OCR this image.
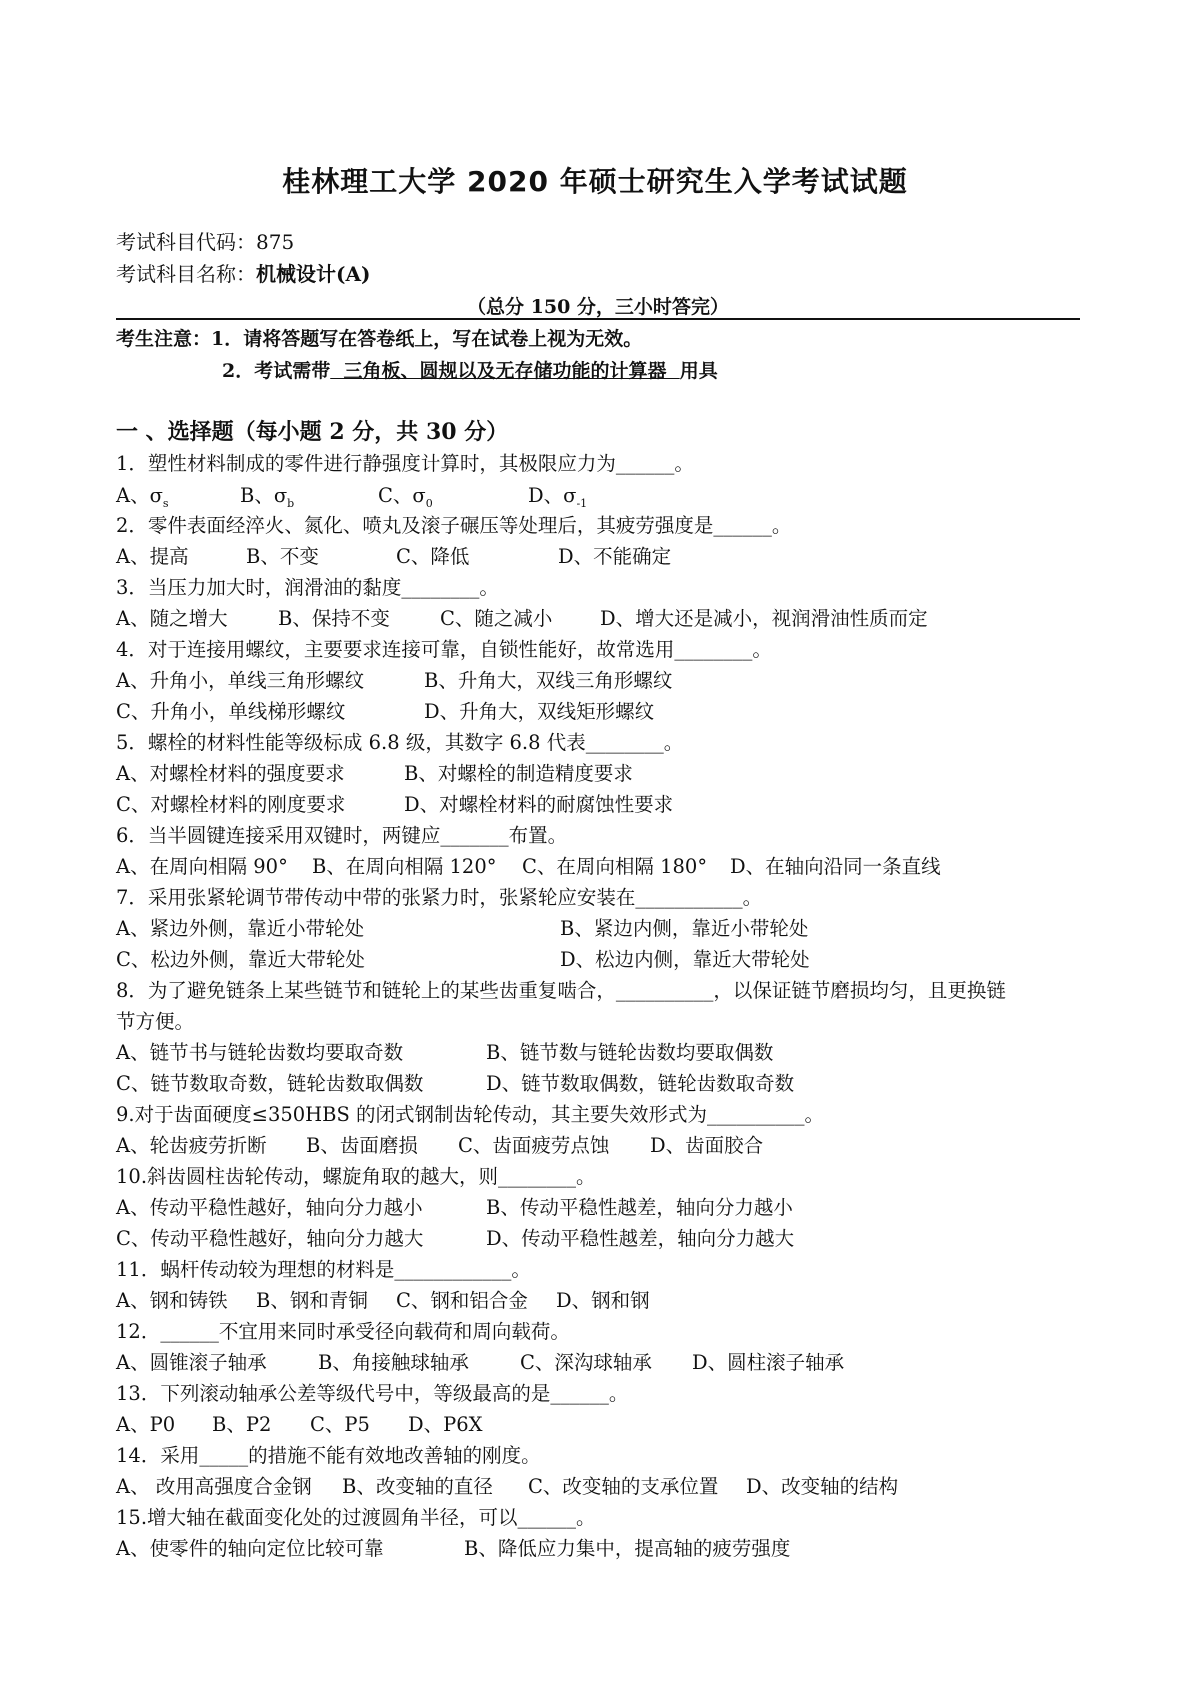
桂林理工大学 2020 年硕士研究生入学考试试题
考试科目代码：875
考试科目名称：机械设计(A)
（总分 150 分，三小时答完）
考生注意：1．请将答题写在答卷纸上，写在试卷上视为无效。
2．考试需带  三角板、圆规以及无存储功能的计算器  用具
一 、选择题（每小题 2 分，共 30 分）
1．塑性材料制成的零件进行静强度计算时，其极限应力为______。
A、$\sigma_s$	B、$\sigma_b$	C、$\sigma_0$	D、$\sigma_{-1}$
2．零件表面经淬火、氮化、喷丸及滚子碾压等处理后，其疲劳强度是______。
A、提高	B、不变	C、降低	D、不能确定
3．当压力加大时，润滑油的黏度________。
A、随之增大	B、保持不变	C、随之减小 D、增大还是减小，视润滑油性质而定
4．对于连接用螺纹，主要要求连接可靠，自锁性能好，故常选用________。
A、升角小，单线三角形螺纹	B、升角大，双线三角形螺纹
C、升角小，单线梯形螺纹	D、升角大，双线矩形螺纹
5．螺栓的材料性能等级标成 6.8 级，其数字 6.8 代表________。
A、对螺栓材料的强度要求	B、对螺栓的制造精度要求
C、对螺栓材料的刚度要求	D、对螺栓材料的耐腐蚀性要求
6．当半圆键连接采用双键时，两键应_______布置。
A、在周向相隔 90° B、在周向相隔 120° C、在周向相隔 180° D、在轴向沿同一条直线
7．采用张紧轮调节带传动中带的张紧力时，张紧轮应安装在___________。
A、紧边外侧，靠近小带轮处	B、紧边内侧，靠近小带轮处
C、松边外侧，靠近大带轮处	D、松边内侧，靠近大带轮处
8．为了避免链条上某些链节和链轮上的某些齿重复啮合，__________，以保证链节磨损均匀，且更换链
节方便。
A、链节书与链轮齿数均要取奇数	B、链节数与链轮齿数均要取偶数
C、链节数取奇数，链轮齿数取偶数	D、链节数取偶数，链轮齿数取奇数
9.对于齿面硬度≤350HBS 的闭式钢制齿轮传动，其主要失效形式为__________。
A、轮齿疲劳折断 B、齿面磨损 C、齿面疲劳点蚀 D、齿面胶合
10.斜齿圆柱齿轮传动，螺旋角取的越大，则________。
A、传动平稳性越好，轴向分力越小	B、传动平稳性越差，轴向分力越小
C、传动平稳性越好，轴向分力越大	D、传动平稳性越差，轴向分力越大
11．蜗杆传动较为理想的材料是____________。
A、钢和铸铁 B、钢和青铜 C、钢和铝合金 D、钢和钢
12．______不宜用来同时承受径向载荷和周向载荷。
A、圆锥滚子轴承	B、角接触球轴承	C、深沟球轴承 D、圆柱滚子轴承
13．下列滚动轴承公差等级代号中，等级最高的是______。
A、P0 B、P2 C、P5 D、P6X
14．采用_____的措施不能有效地改善轴的刚度。
A、 改用高强度合金钢 B、改变轴的直径 C、改变轴的支承位置 D、改变轴的结构
15.增大轴在截面变化处的过渡圆角半径，可以______。
A、使零件的轴向定位比较可靠	B、降低应力集中，提高轴的疲劳强度
